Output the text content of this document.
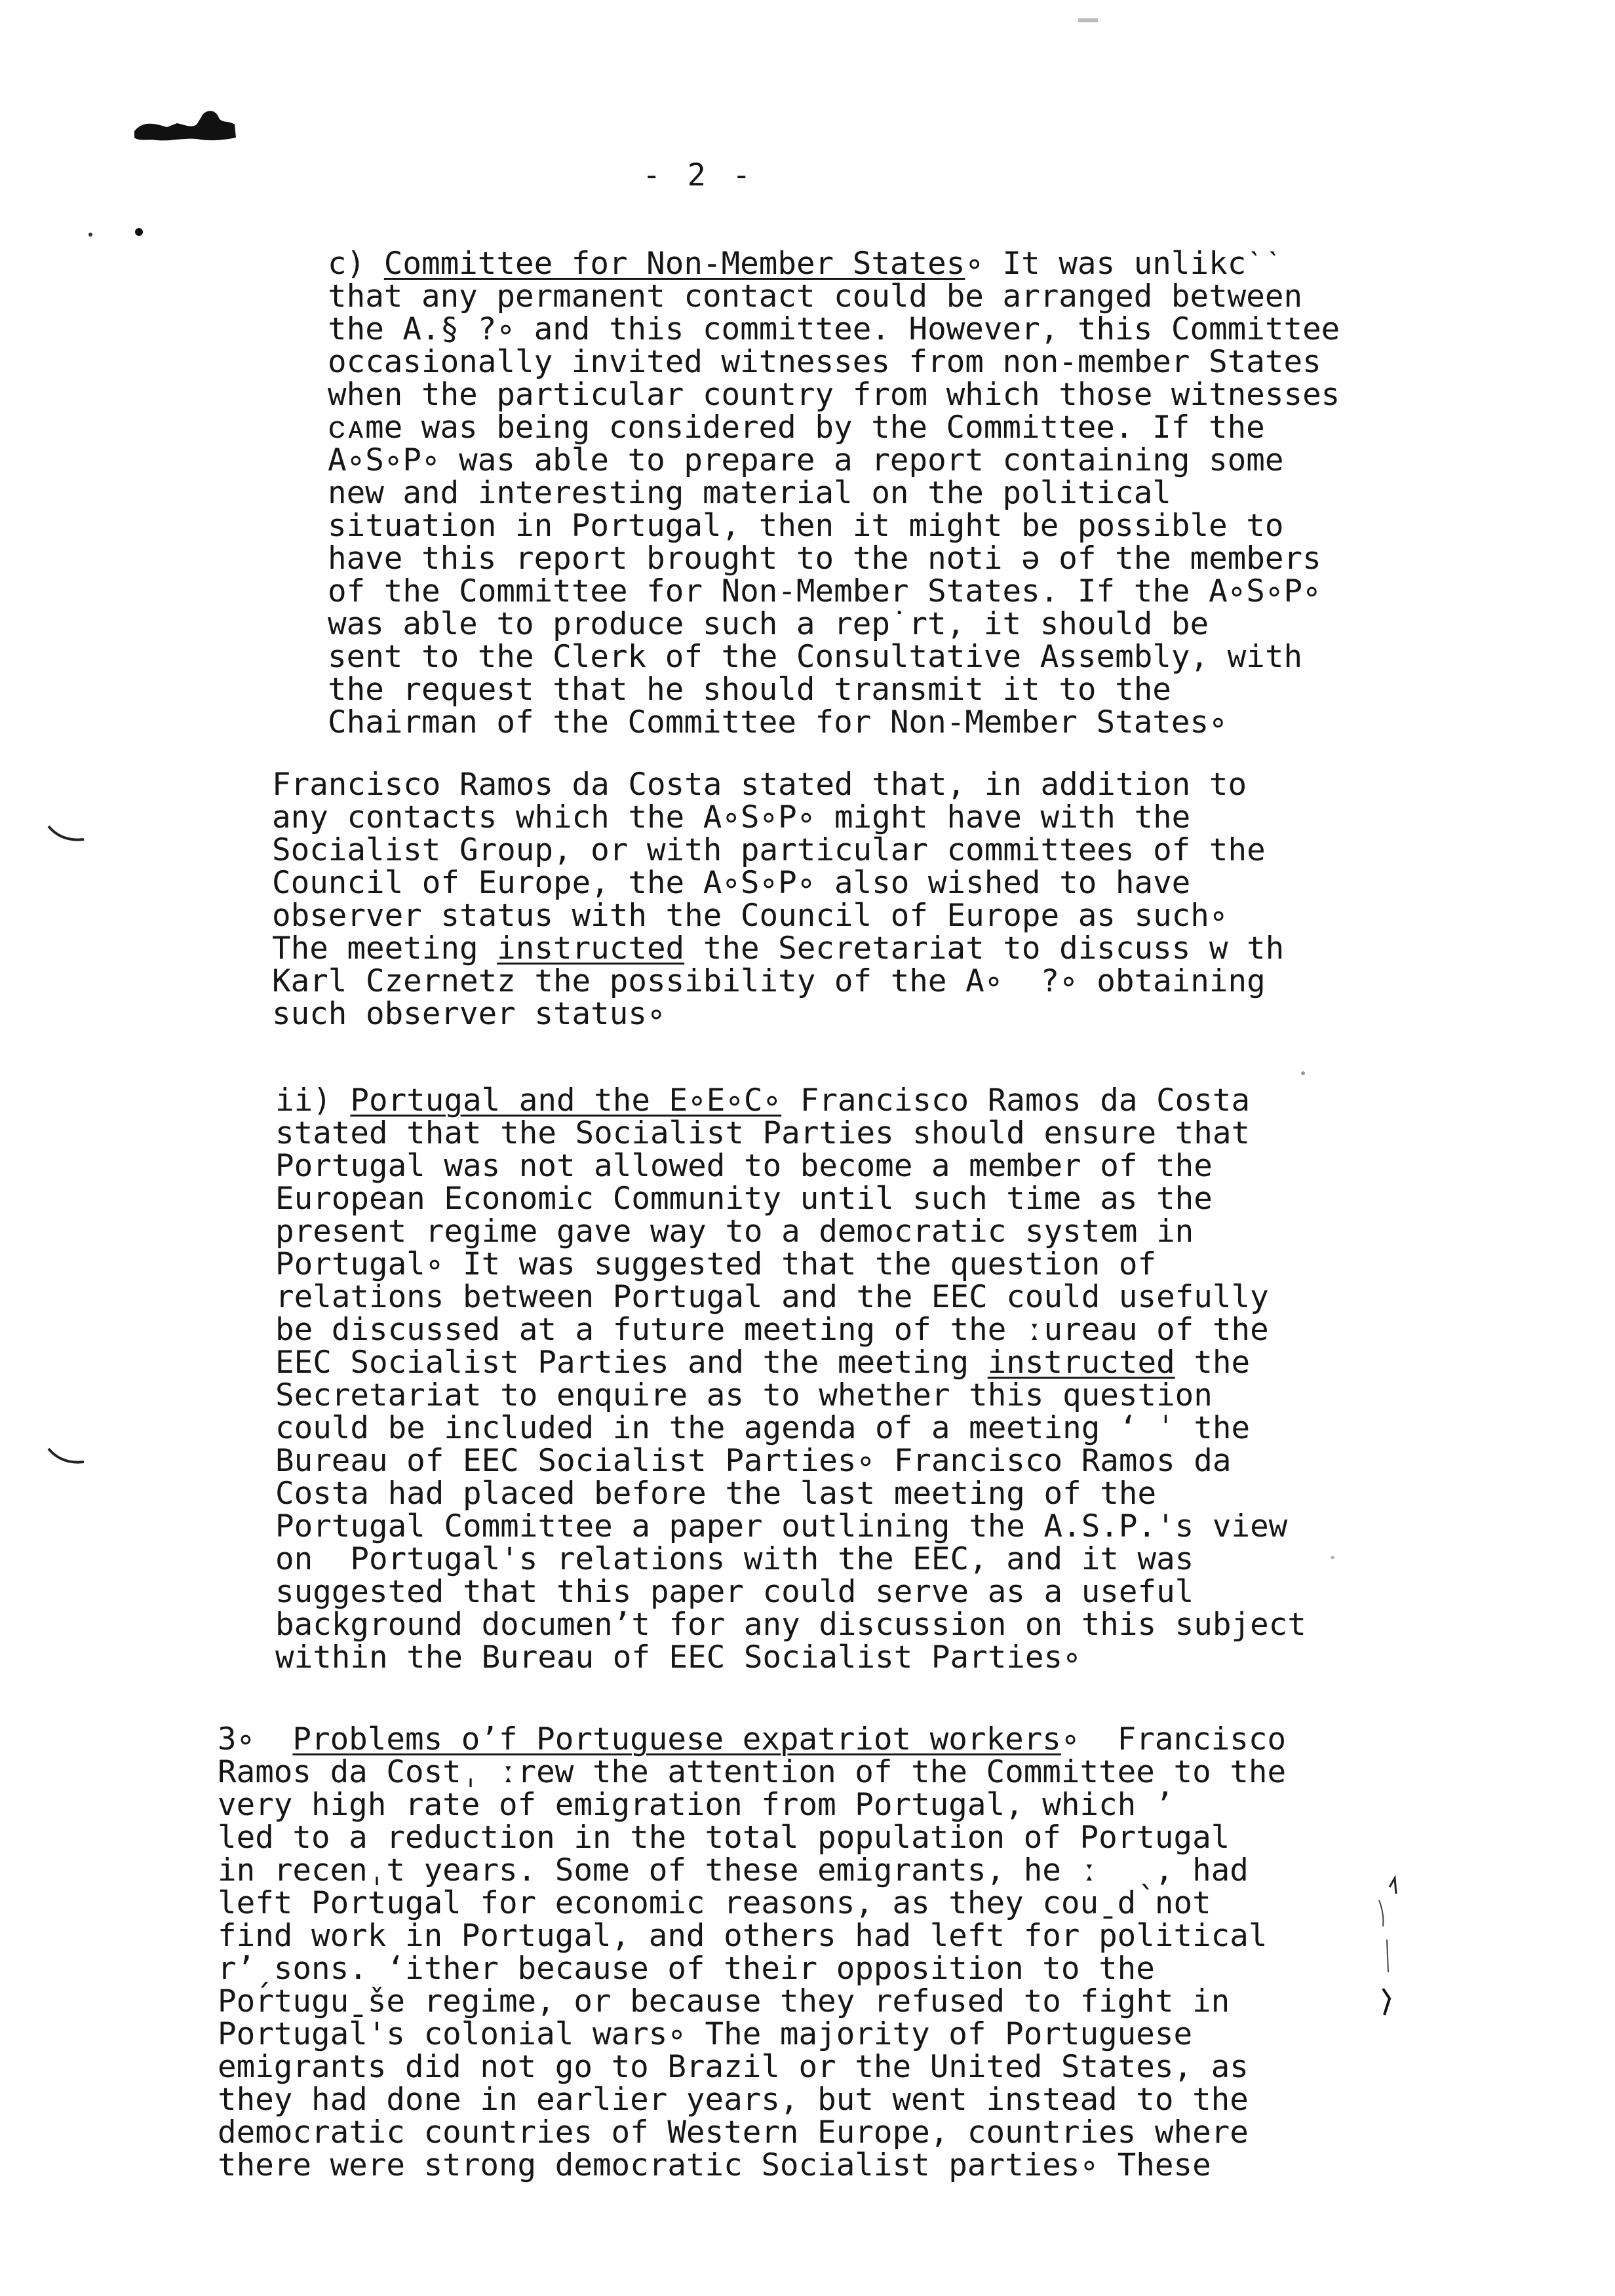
- 2 -
c) Committee for Non-Member States∘ It was unlikсˋˋ
that any permanent contact could be arranged between
the A.§ ?∘ and this committee. However, this Committee
occasionally invited witnesses from non-member States
when the particular country from which those witnesses
ᴄᴀme was being considered by the Committee. If the
A∘S∘P∘ was able to prepare a report containing some
new and interesting material on the political
situation in Portugal, then it might be possible to
have this report brought to the noti ə of the members
of the Committee for Non-Member States. If the A∘S∘P∘
was able to produce such a rep˙rt, it should be
sent to the Clerk of the Consultative Assembly, with
the request that he should transmit it to the
Chairman of the Committee for Non-Member States∘
Francisco Ramos da Costa stated that, in addition to
any contacts which the A∘S∘P∘ might have with the
Socialist Group, or with particular committees of the
Council of Europe, the A∘S∘P∘ also wished to have
observer status with the Council of Europe as such∘
The meeting instructed the Secretariat to discuss w th
Karl Czernetz the possibility of the A∘  ?∘ obtaining
such observer status∘
ii) Portugal and the E∘E∘C∘ Francisco Ramos da Costa
stated that the Socialist Parties should ensure that
Portugal was not allowed to become a member of the
European Economic Community until such time as the
present regime gave way to a democratic system in
Portugal∘ It was suggested that the question of
relations between Portugal and the EEC could usefully
be discussed at a future meeting of the ːureau of the
EEC Socialist Parties and the meeting instructed the
Secretariat to enquire as to whether this question
could be included in the agenda of a meeting ʻ ˈ the
Bureau of EEC Socialist Parties∘ Francisco Ramos da
Costa had placed before the last meeting of the
Portugal Committee a paper outlining the A.S.P.'s view
on  Portugal's relations with the EEC, and it was
suggested that this paper could serve as a useful
background documenʼt for any discussion on this subject
within the Bureau of EEC Socialist Parties∘
3∘  Problems oʼf Portuguese expatriot workers∘  Francisco
Ramos da Costˌ ːrew the attention of the Committee to the
very high rate of emigration from Portugal, which ʼ
led to a reduction in the total population of Portugal
in recenˌt years. Some of these emigrants, he ː  ˎ, had
left Portugal for economic reasons, as they couˍd not
find work in Portugal, and others had left for political
rʼˏsons. ʻither because of their opposition to the
Portuguˍše regime, or because they refused to fight in
Portugal's colonial wars∘ The majority of Portuguese
emigrants did not go to Brazil or the United States, as
they had done in earlier years, but went instead to the
democratic countries of Western Europe, countries where
there were strong democratic Socialist parties∘ These
